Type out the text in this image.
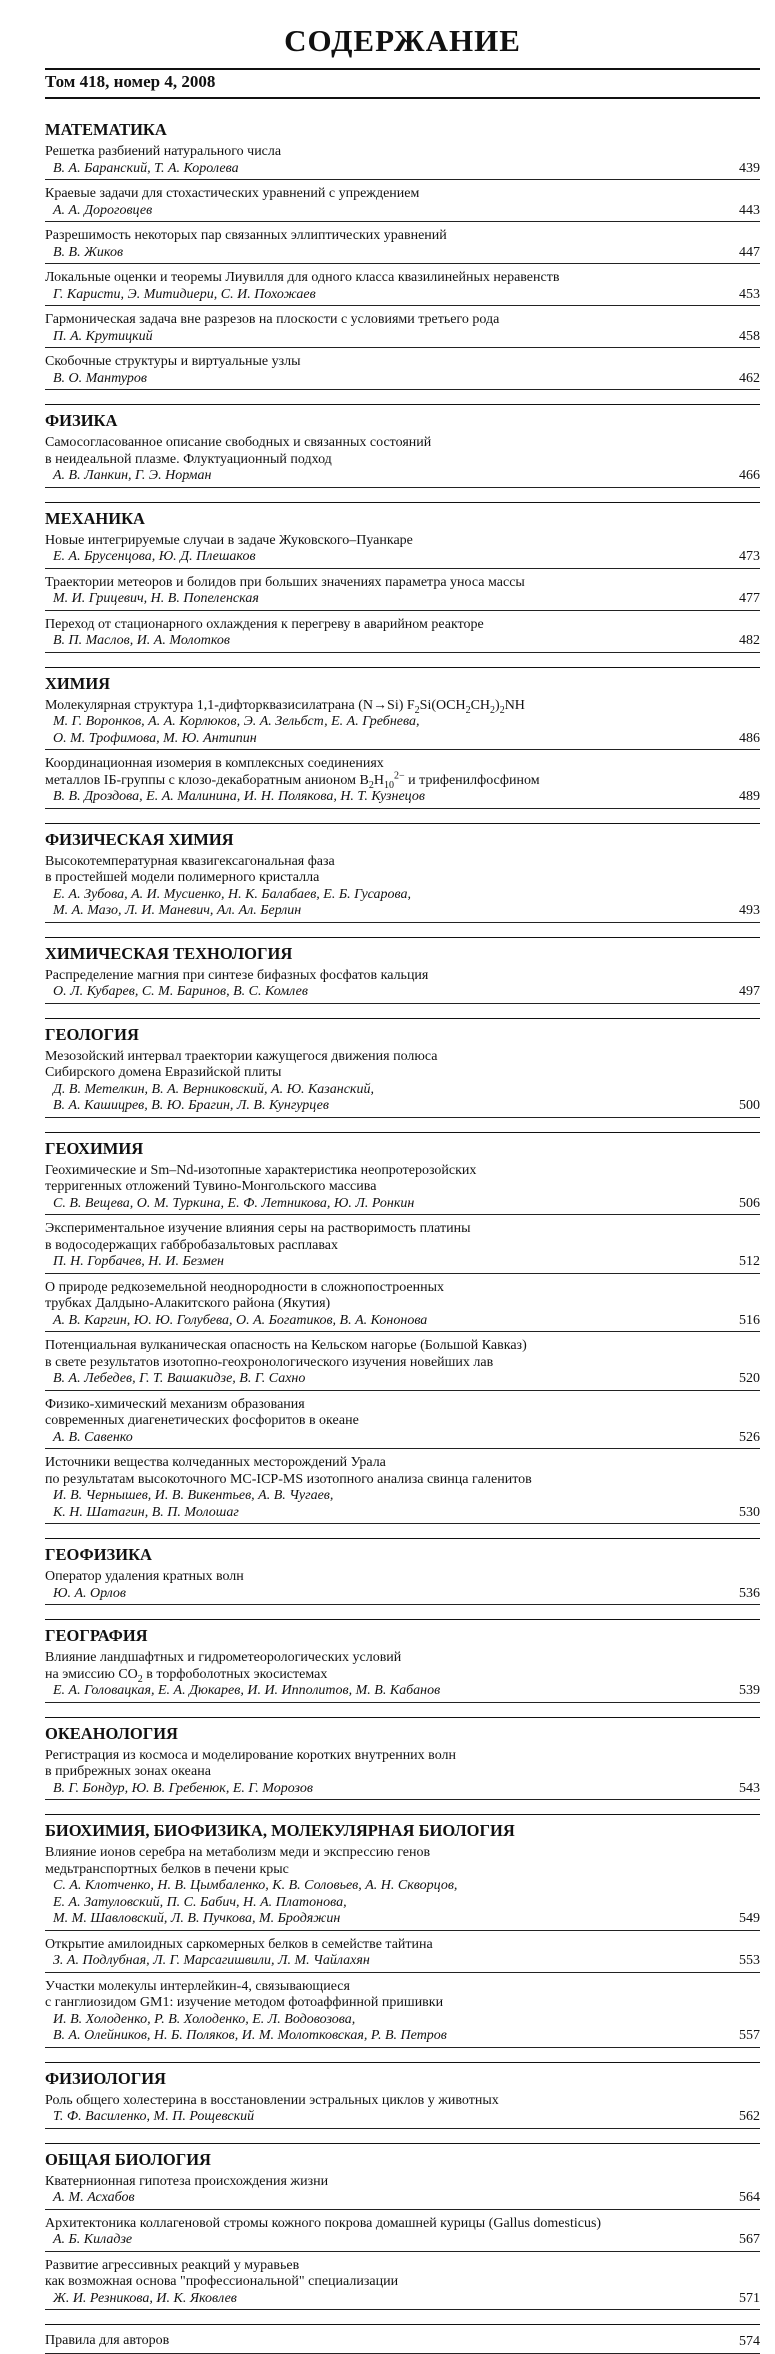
СОДЕРЖАНИЕ
Том 418, номер 4, 2008
МАТЕМАТИКА
Решетка разбиений натурального числа
В. А. Баранский, Т. А. Королева	439
Краевые задачи для стохастических уравнений с упреждением
А. А. Дороговцев	443
Разрешимость некоторых пар связанных эллиптических уравнений
В. В. Жиков	447
Локальные оценки и теоремы Лиувилля для одного класса квазилинейных неравенств
Г. Каристи, Э. Митидиери, С. И. Похожаев	453
Гармоническая задача вне разрезов на плоскости с условиями третьего рода
П. А. Крутицкий	458
Скобочные структуры и виртуальные узлы
В. О. Мантуров	462
ФИЗИКА
Самосогласованное описание свободных и связанных состояний
в неидеальной плазме. Флуктуационный подход
А. В. Ланкин, Г. Э. Норман	466
МЕХАНИКА
Новые интегрируемые случаи в задаче Жуковского–Пуанкаре
Е. А. Брусенцова, Ю. Д. Плешаков	473
Траектории метеоров и болидов при больших значениях параметра уноса массы
М. И. Грицевич, Н. В. Попеленская	477
Переход от стационарного охлаждения к перегреву в аварийном реакторе
В. П. Маслов, И. А. Молотков	482
ХИМИЯ
Молекулярная структура 1,1-дифторквазисилатрана (N→Si) $F_2Si(OCH_2CH_2)_2NH$
М. Г. Воронков, А. А. Корлюков, Э. А. Зельбст, Е. А. Гребнева,
О. М. Трофимова, М. Ю. Антипин	486
Координационная изомерия в комплексных соединениях
металлов IБ-группы с клозо-декаборатным анионом $B_2H_{10}^{2-}$ и трифенилфосфином
В. В. Дроздова, Е. А. Малинина, И. Н. Полякова, Н. Т. Кузнецов	489
ФИЗИЧЕСКАЯ ХИМИЯ
Высокотемпературная квазигексагональная фаза
в простейшей модели полимерного кристалла
Е. А. Зубова, А. И. Мусиенко, Н. К. Балабаев, Е. Б. Гусарова,
М. А. Мазо, Л. И. Маневич, Ал. Ал. Берлин	493
ХИМИЧЕСКАЯ ТЕХНОЛОГИЯ
Распределение магния при синтезе бифазных фосфатов кальция
О. Л. Кубарев, С. М. Баринов, В. С. Комлев	497
ГЕОЛОГИЯ
Мезозойский интервал траектории кажущегося движения полюса
Сибирского домена Евразийской плиты
Д. В. Метелкин, В. А. Верниковский, А. Ю. Казанский,
В. А. Кашицрев, В. Ю. Брагин, Л. В. Кунгурцев	500
ГЕОХИМИЯ
Геохимические и Sm–Nd-изотопные характеристика неопротерозойских
терригенных отложений Тувино-Монгольского массива
С. В. Вещева, О. М. Туркина, Е. Ф. Летникова, Ю. Л. Ронкин	506
Экспериментальное изучение влияния серы на растворимость платины
в водосодержащих габбробазальтовых расплавах
П. Н. Горбачев, Н. И. Безмен	512
О природе редкоземельной неоднородности в сложнопостроенных
трубках Далдыно-Алакитского района (Якутия)
А. В. Каргин, Ю. Ю. Голубева, О. А. Богатиков, В. А. Кононова	516
Потенциальная вулканическая опасность на Кельском нагорье (Большой Кавказ)
в свете результатов изотопно-геохронологического изучения новейших лав
В. А. Лебедев, Г. Т. Вашакидзе, В. Г. Сахно	520
Физико-химический механизм образования
современных диагенетических фосфоритов в океане
А. В. Савенко	526
Источники вещества колчеданных месторождений Урала
по результатам высокоточного MC-ICP-MS изотопного анализа свинца галенитов
И. В. Чернышев, И. В. Викентьев, А. В. Чугаев,
К. Н. Шатагин, В. П. Молошаг	530
ГЕОФИЗИКА
Оператор удаления кратных волн
Ю. А. Орлов	536
ГЕОГРАФИЯ
Влияние ландшафтных и гидрометеорологических условий
на эмиссию $CO_2$ в торфоболотных экосистемах
Е. А. Головацкая, Е. А. Дюкарев, И. И. Ипполитов, М. В. Кабанов	539
ОКЕАНОЛОГИЯ
Регистрация из космоса и моделирование коротких внутренних волн
в прибрежных зонах океана
В. Г. Бондур, Ю. В. Гребенюк, Е. Г. Морозов	543
БИОХИМИЯ, БИОФИЗИКА, МОЛЕКУЛЯРНАЯ БИОЛОГИЯ
Влияние ионов серебра на метаболизм меди и экспрессию генов
медьтранспортных белков в печени крыс
С. А. Клотченко, Н. В. Цымбаленко, К. В. Соловьев, А. Н. Скворцов,
Е. А. Затуловский, П. С. Бабич, Н. А. Платонова,
М. М. Шавловский, Л. В. Пучкова, М. Бродяжин	549
Открытие амилоидных саркомерных белков в семействе тайтина
З. А. Подлубная, Л. Г. Марсагишвили, Л. М. Чайлахян	553
Участки молекулы интерлейкин-4, связывающиеся
с ганглиозидом GM1: изучение методом фотоаффинной пришивки
И. В. Холоденко, Р. В. Холоденко, Е. Л. Водовозова,
В. А. Олейников, Н. Б. Поляков, И. М. Молотковская, Р. В. Петров	557
ФИЗИОЛОГИЯ
Роль общего холестерина в восстановлении эстральных циклов у животных
Т. Ф. Василенко, М. П. Рощевский	562
ОБЩАЯ БИОЛОГИЯ
Кватернионная гипотеза происхождения жизни
А. М. Асхабов	564
Архитектоника коллагеновой стромы кожного покрова домашней курицы (Gallus domesticus)
А. Б. Киладзе	567
Развитие агрессивных реакций у муравьев
как возможная основа "профессиональной" специализации
Ж. И. Резникова, И. К. Яковлев	571
Правила для авторов	574
